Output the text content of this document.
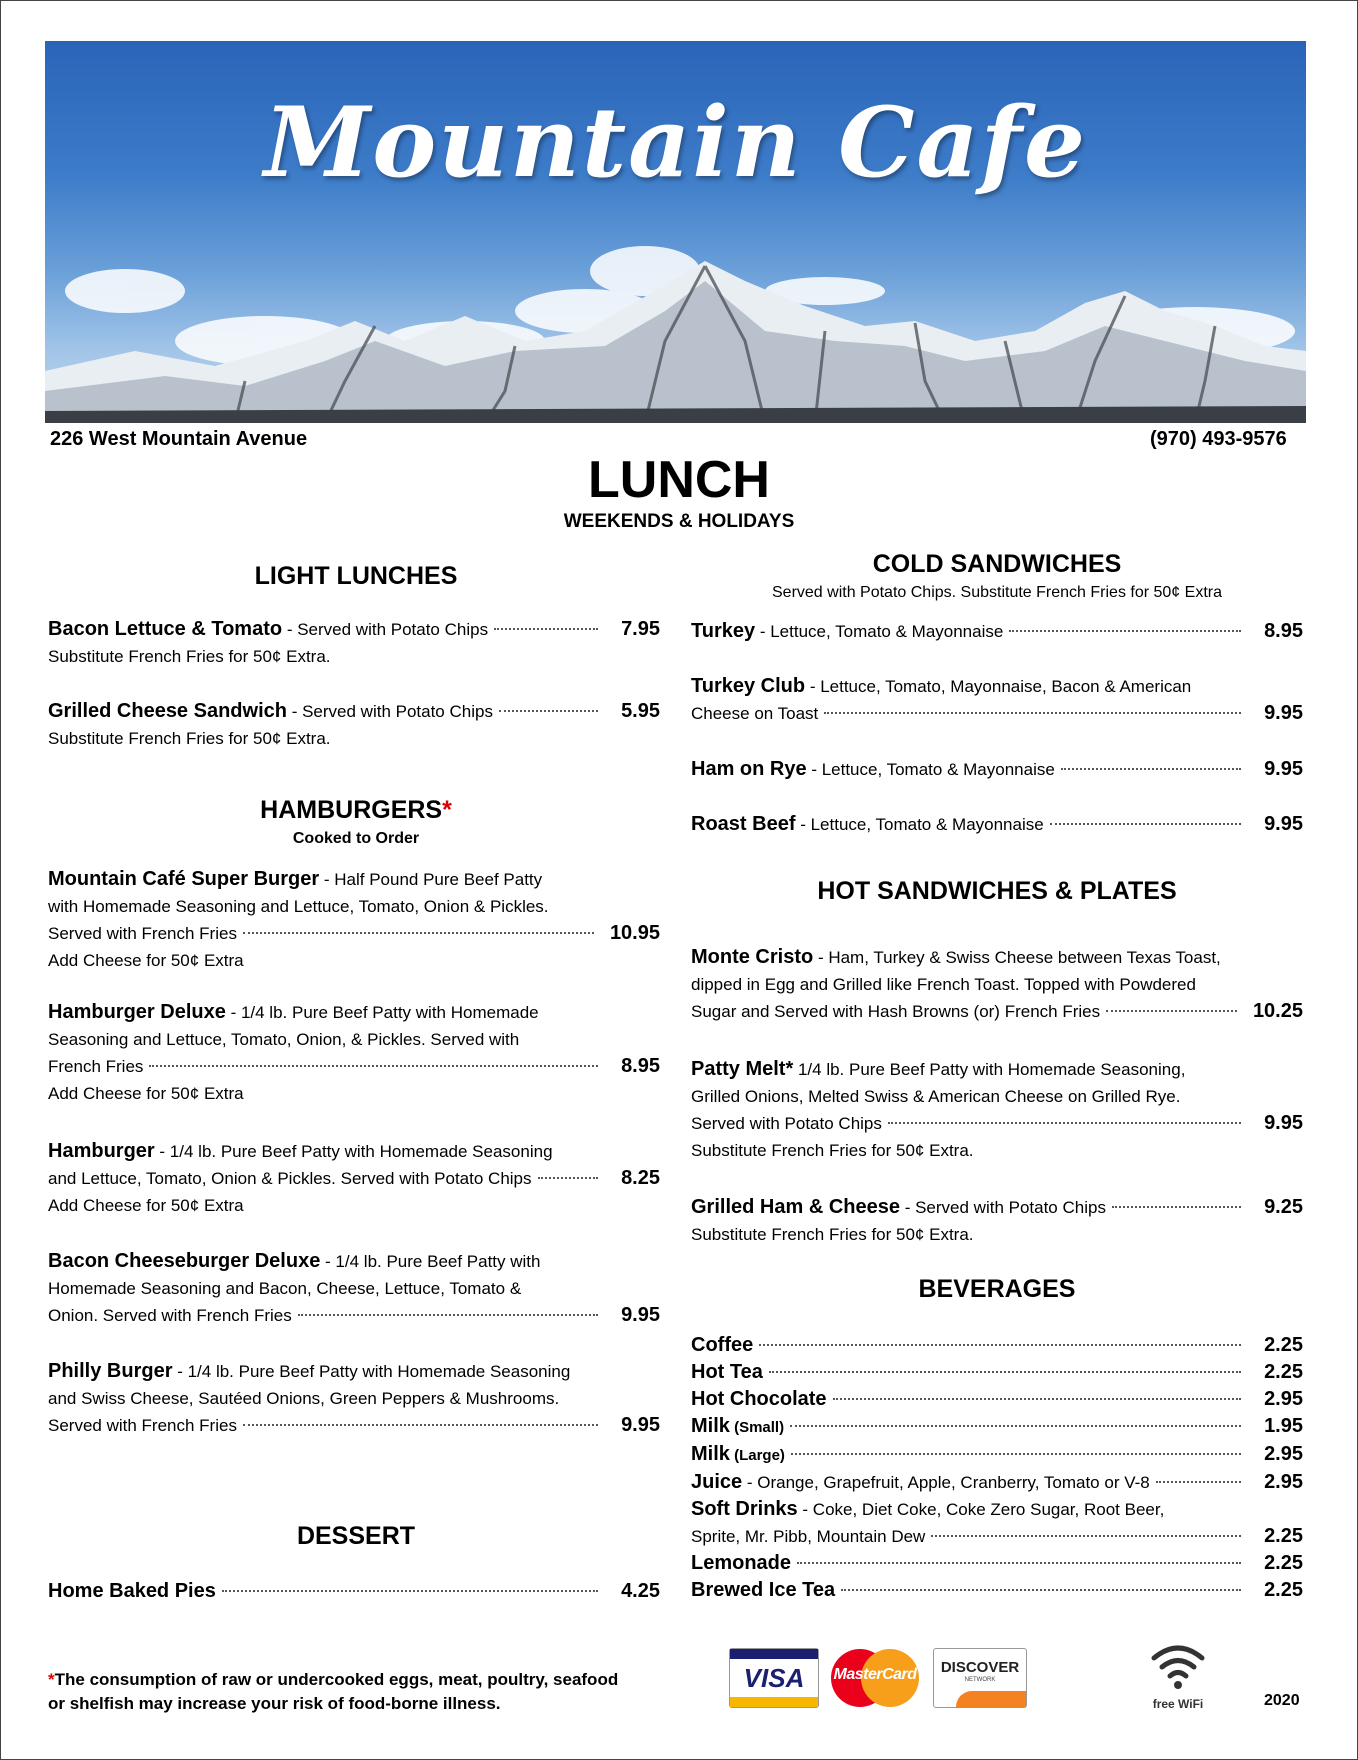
Mountain Cafe
226 West Mountain Avenue	(970) 493-9576
LUNCH
WEEKENDS & HOLIDAYS
LIGHT LUNCHES
Bacon Lettuce & Tomato - Served with Potato Chips	7.95
Substitute French Fries for 50¢ Extra.
Grilled Cheese Sandwich - Served with Potato Chips	5.95
Substitute French Fries for 50¢ Extra.
HAMBURGERS*
Cooked to Order
Mountain Café Super Burger - Half Pound Pure Beef Patty
with Homemade Seasoning and Lettuce, Tomato, Onion & Pickles.
Served with French Fries	10.95
Add Cheese for 50¢ Extra
Hamburger Deluxe - 1/4 lb. Pure Beef Patty with Homemade
Seasoning and Lettuce, Tomato, Onion, & Pickles. Served with
French Fries	8.95
Add Cheese for 50¢ Extra
Hamburger - 1/4 lb. Pure Beef Patty with Homemade Seasoning
and Lettuce, Tomato, Onion & Pickles. Served with Potato Chips	8.25
Add Cheese for 50¢ Extra
Bacon Cheeseburger Deluxe - 1/4 lb. Pure Beef Patty with
Homemade Seasoning and Bacon, Cheese, Lettuce, Tomato &
Onion. Served with French Fries	9.95
Philly Burger - 1/4 lb. Pure Beef Patty with Homemade Seasoning
and Swiss Cheese, Sautéed Onions, Green Peppers & Mushrooms.
Served with French Fries	9.95
DESSERT
Home Baked Pies	4.25
COLD SANDWICHES
Served with Potato Chips. Substitute French Fries for 50¢ Extra
Turkey - Lettuce, Tomato & Mayonnaise	8.95
Turkey Club - Lettuce, Tomato, Mayonnaise, Bacon & American
Cheese on Toast	9.95
Ham on Rye - Lettuce, Tomato & Mayonnaise	9.95
Roast Beef - Lettuce, Tomato & Mayonnaise	9.95
HOT SANDWICHES & PLATES
Monte Cristo - Ham, Turkey & Swiss Cheese between Texas Toast,
dipped in Egg and Grilled like French Toast. Topped with Powdered
Sugar and Served with Hash Browns (or) French Fries	10.25
Patty Melt* 1/4 lb. Pure Beef Patty with Homemade Seasoning,
Grilled Onions, Melted Swiss & American Cheese on Grilled Rye.
Served with Potato Chips	9.95
Substitute French Fries for 50¢ Extra.
Grilled Ham & Cheese - Served with Potato Chips	9.25
Substitute French Fries for 50¢ Extra.
BEVERAGES
Coffee	2.25
Hot Tea	2.25
Hot Chocolate	2.95
Milk (Small)	1.95
Milk (Large)	2.95
Juice - Orange, Grapefruit, Apple, Cranberry, Tomato or V-8	2.95
Soft Drinks - Coke, Diet Coke, Coke Zero Sugar, Root Beer,
Sprite, Mr. Pibb, Mountain Dew	2.25
Lemonade	2.25
Brewed Ice Tea	2.25
*The consumption of raw or undercooked eggs, meat, poultry, seafood
or shelfish may increase your risk of food-borne illness.
VISA	MasterCard	DISCOVER
NETWORK
free WiFi	2020
